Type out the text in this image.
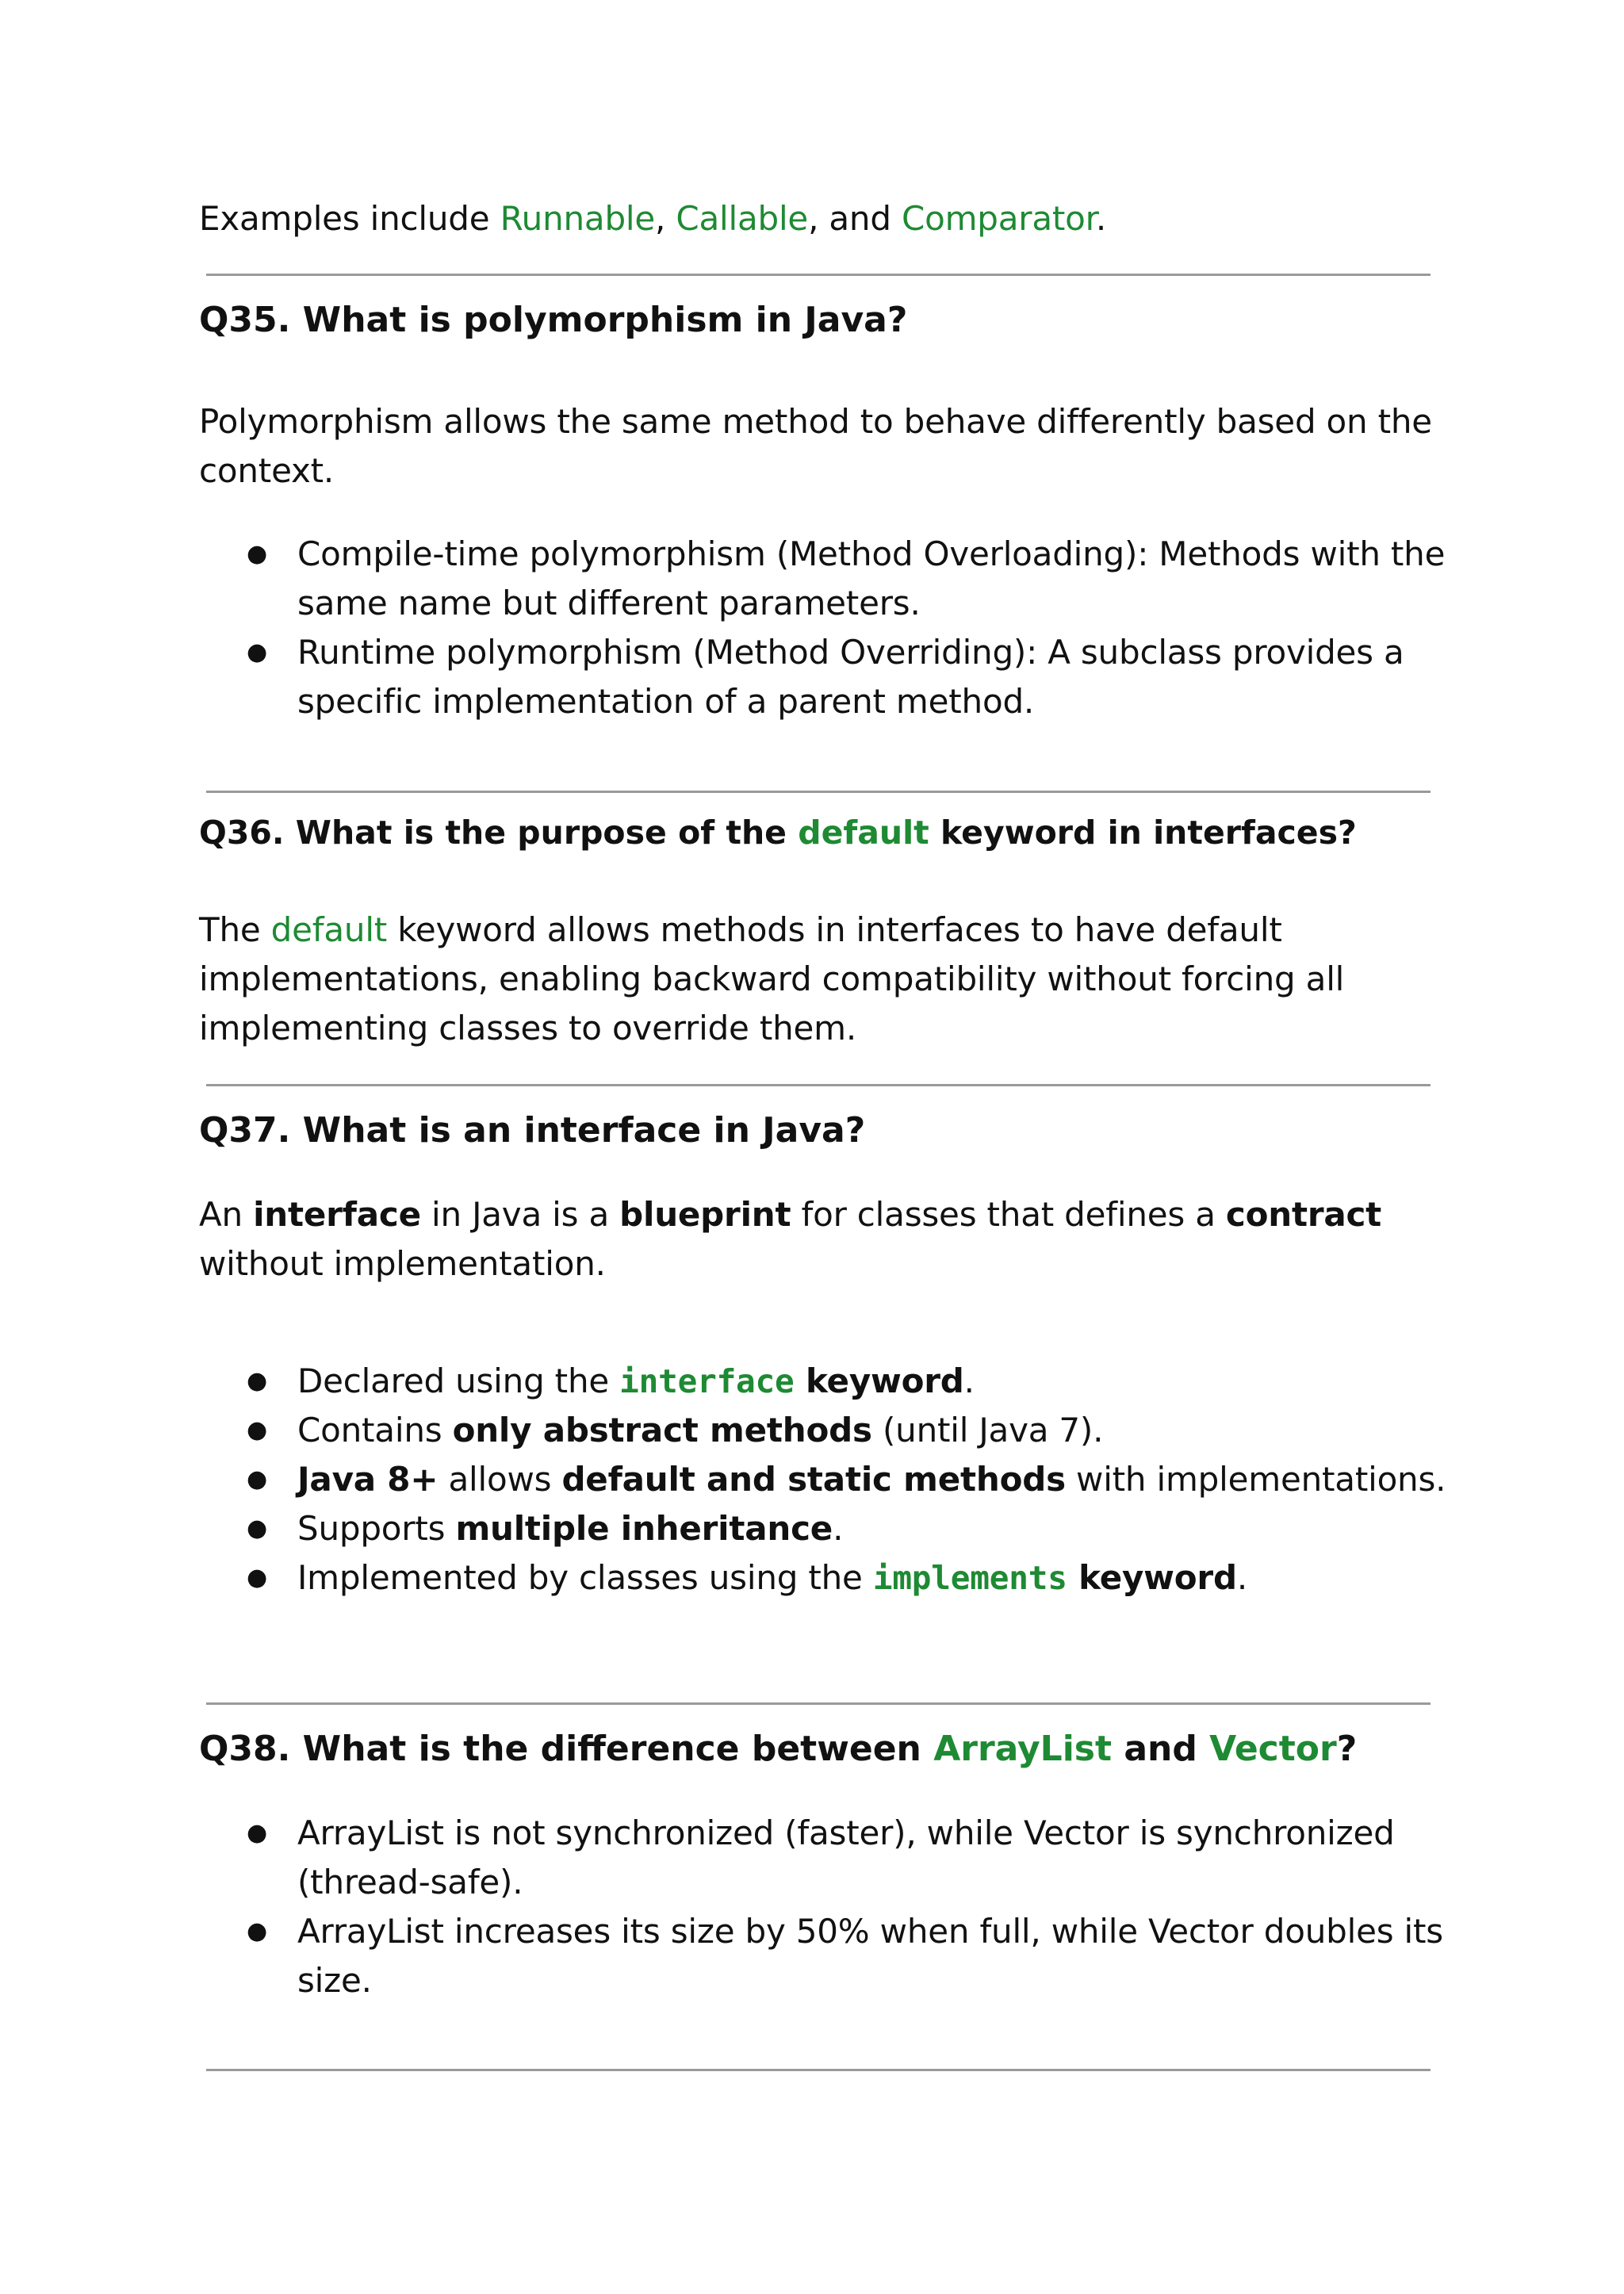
Examples include Runnable, Callable, and Comparator.
Q35. What is polymorphism in Java?
Polymorphism allows the same method to behave differently based on the
context.
● Compile-time polymorphism (Method Overloading): Methods with the
same name but different parameters.
● Runtime polymorphism (Method Overriding): A subclass provides a
specific implementation of a parent method.
Q36. What is the purpose of the default keyword in interfaces?
The default keyword allows methods in interfaces to have default
implementations, enabling backward compatibility without forcing all
implementing classes to override them.
Q37. What is an interface in Java?
An interface in Java is a blueprint for classes that defines a contract
without implementation.
● Declared using the interface keyword.
● Contains only abstract methods (until Java 7).
● Java 8+ allows default and static methods with implementations.
● Supports multiple inheritance.
● Implemented by classes using the implements keyword.
Q38. What is the difference between ArrayList and Vector?
● ArrayList is not synchronized (faster), while Vector is synchronized
(thread-safe).
● ArrayList increases its size by 50% when full, while Vector doubles its
size.
